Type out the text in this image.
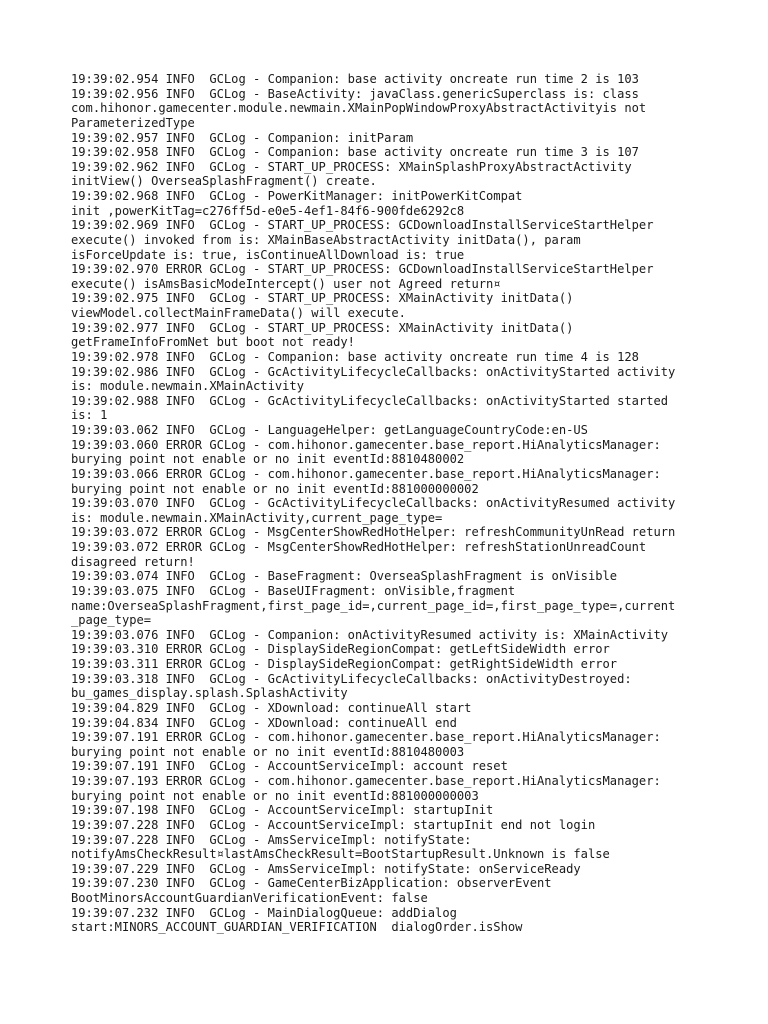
19:39:02.954 INFO  GCLog - Companion: base activity oncreate run time 2 is 103
19:39:02.956 INFO  GCLog - BaseActivity: javaClass.genericSuperclass is: class
com.hihonor.gamecenter.module.newmain.XMainPopWindowProxyAbstractActivityis not
ParameterizedType
19:39:02.957 INFO  GCLog - Companion: initParam
19:39:02.958 INFO  GCLog - Companion: base activity oncreate run time 3 is 107
19:39:02.962 INFO  GCLog - START_UP_PROCESS: XMainSplashProxyAbstractActivity
initView() OverseaSplashFragment() create.
19:39:02.968 INFO  GCLog - PowerKitManager: initPowerKitCompat
init ,powerKitTag=c276ff5d-e0e5-4ef1-84f6-900fde6292c8
19:39:02.969 INFO  GCLog - START_UP_PROCESS: GCDownloadInstallServiceStartHelper
execute() invoked from is: XMainBaseAbstractActivity initData(), param
isForceUpdate is: true, isContinueAllDownload is: true
19:39:02.970 ERROR GCLog - START_UP_PROCESS: GCDownloadInstallServiceStartHelper
execute() isAmsBasicModeIntercept() user not Agreed return¤
19:39:02.975 INFO  GCLog - START_UP_PROCESS: XMainActivity initData()
viewModel.collectMainFrameData() will execute.
19:39:02.977 INFO  GCLog - START_UP_PROCESS: XMainActivity initData()
getFrameInfoFromNet but boot not ready!
19:39:02.978 INFO  GCLog - Companion: base activity oncreate run time 4 is 128
19:39:02.986 INFO  GCLog - GcActivityLifecycleCallbacks: onActivityStarted activity
is: module.newmain.XMainActivity
19:39:02.988 INFO  GCLog - GcActivityLifecycleCallbacks: onActivityStarted started
is: 1
19:39:03.062 INFO  GCLog - LanguageHelper: getLanguageCountryCode:en-US
19:39:03.060 ERROR GCLog - com.hihonor.gamecenter.base_report.HiAnalyticsManager:
burying point not enable or no init eventId:8810480002
19:39:03.066 ERROR GCLog - com.hihonor.gamecenter.base_report.HiAnalyticsManager:
burying point not enable or no init eventId:881000000002
19:39:03.070 INFO  GCLog - GcActivityLifecycleCallbacks: onActivityResumed activity
is: module.newmain.XMainActivity,current_page_type=
19:39:03.072 ERROR GCLog - MsgCenterShowRedHotHelper: refreshCommunityUnRead return
19:39:03.072 ERROR GCLog - MsgCenterShowRedHotHelper: refreshStationUnreadCount
disagreed return!
19:39:03.074 INFO  GCLog - BaseFragment: OverseaSplashFragment is onVisible
19:39:03.075 INFO  GCLog - BaseUIFragment: onVisible,fragment
name:OverseaSplashFragment,first_page_id=,current_page_id=,first_page_type=,current
_page_type=
19:39:03.076 INFO  GCLog - Companion: onActivityResumed activity is: XMainActivity
19:39:03.310 ERROR GCLog - DisplaySideRegionCompat: getLeftSideWidth error
19:39:03.311 ERROR GCLog - DisplaySideRegionCompat: getRightSideWidth error
19:39:03.318 INFO  GCLog - GcActivityLifecycleCallbacks: onActivityDestroyed:
bu_games_display.splash.SplashActivity
19:39:04.829 INFO  GCLog - XDownload: continueAll start
19:39:04.834 INFO  GCLog - XDownload: continueAll end
19:39:07.191 ERROR GCLog - com.hihonor.gamecenter.base_report.HiAnalyticsManager:
burying point not enable or no init eventId:8810480003
19:39:07.191 INFO  GCLog - AccountServiceImpl: account reset
19:39:07.193 ERROR GCLog - com.hihonor.gamecenter.base_report.HiAnalyticsManager:
burying point not enable or no init eventId:881000000003
19:39:07.198 INFO  GCLog - AccountServiceImpl: startupInit
19:39:07.228 INFO  GCLog - AccountServiceImpl: startupInit end not login
19:39:07.228 INFO  GCLog - AmsServiceImpl: notifyState:
notifyAmsCheckResult¤lastAmsCheckResult=BootStartupResult.Unknown is false
19:39:07.229 INFO  GCLog - AmsServiceImpl: notifyState: onServiceReady
19:39:07.230 INFO  GCLog - GameCenterBizApplication: observerEvent
BootMinorsAccountGuardianVerificationEvent: false
19:39:07.232 INFO  GCLog - MainDialogQueue: addDialog
start:MINORS_ACCOUNT_GUARDIAN_VERIFICATION  dialogOrder.isShow
